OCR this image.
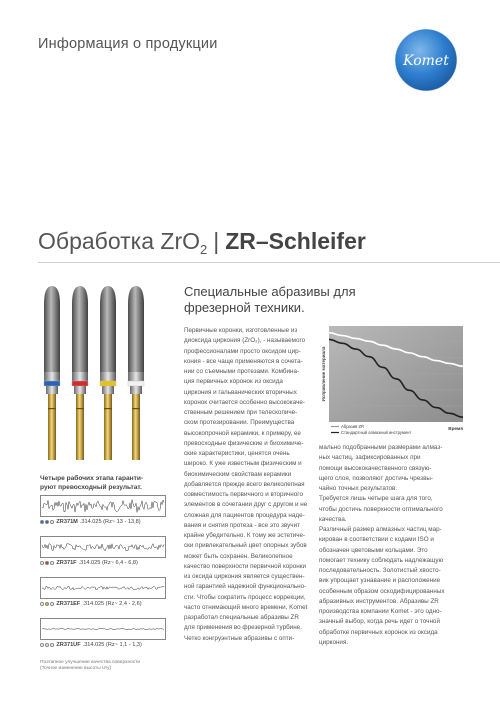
Информация о продукции
Komet
Обработка ZrO$_2$ | ZR–Schleifer
Специальные абразивы для
фрезерной техники.
Четыре рабочих этапа гаранти-
руют превосходный результат.
ZR371M .314.025 (Rz~ 13 - 13,8)
ZR371F .314.025 (Rz~ 6,4 - 6,8)
ZR371EF .314.025 (Rz~ 2,4 - 2,6)
ZR371UF .314.025 (Rz~ 1,1 - 1,3)
Поэтапное улучшение качества поверхности
(Точное изменение высоты Ury)
Первичные коронки, изготовленные из
диоксида циркония (ZrO₂), - называемого
профессионалами просто оксидом цир-
кония - все чаще применяются в сочета-
нии со съемными протезами. Комбина-
ция первичных коронок из оксида
циркония и гальванических вторичных
коронок считается особенно высококаче-
ственным решением при телескопиче-
ском протезировании. Преимущества
высокопрочной керамики, к примеру, ее
превосходные физические и биохимиче-
ские характеристики, ценятся очень
широко. К уже известным физическим и
биохимическим свойствам керамики
добавляется прежде всего великолепная
совместимость первичного и вторичного
элементов в сочетании друг с другом и не
сложная для пациентов процедура наде-
вания и снятия протеза - все это звучит
крайне убедительно. К тому же эстетиче-
ски привлекательный цвет опорных зубов
может быть сохранен. Великолепное
качество поверхности первичной коронки
из оксида циркония является существен-
ной гарантией надежной функционально-
сти. Чтобы сократить процесс коррекции,
часто отнимающий много времени, Komet
разработал специальные абразивы ZR
для применения во фрезерной турбине.
Четко конгруэнтные абразивы с опти-
Исправление материала
Время
Абразив ZR
Стандартный алмазный инструмент
мально подобранными размерами алмаз-
ных частиц, зафиксированных при
помощи высококачественного связую-
щего слоя, позволяют достичь чрезвы-
чайно точных результатов.
Требуется лишь четыре шага для того,
чтобы достичь поверхности оптимального
качества.
Различный размер алмазных частиц мар-
кирован в соответствии с кодами ISO и
обозначен цветовыми кольцами. Это
помогает технику соблюдать надлежащую
последовательность. Золотистый хвосто-
вик упрощает узнавание и расположение
особенным образом оскодифицированных
абразивных инструментов. Абразивы ZR
производства компании Komet - это одно-
значный выбор, когда речь идет о точной
обработке первичных коронок из оксида
циркония.
